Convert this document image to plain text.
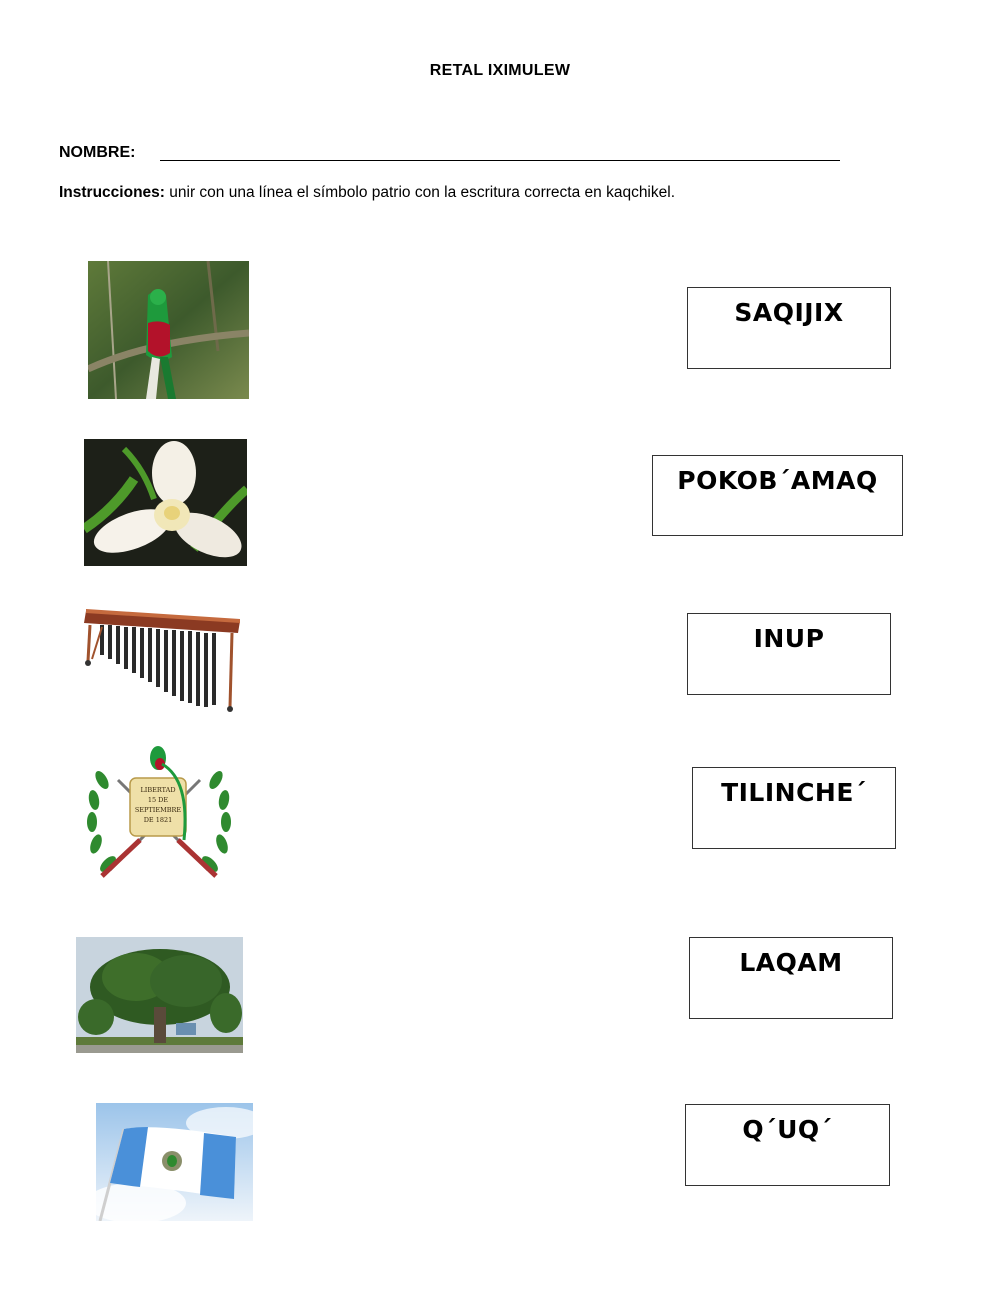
RETAL IXIMULEW
NOMBRE:
Instrucciones: unir con una línea el símbolo patrio con la escritura correcta en kaqchikel.
LIBERTAD
15 DE
SEPTIEMBRE
DE 1821
SAQIJIX
POKOB´AMAQ
INUP
TILINCHE´
LAQAM
Q´UQ´
